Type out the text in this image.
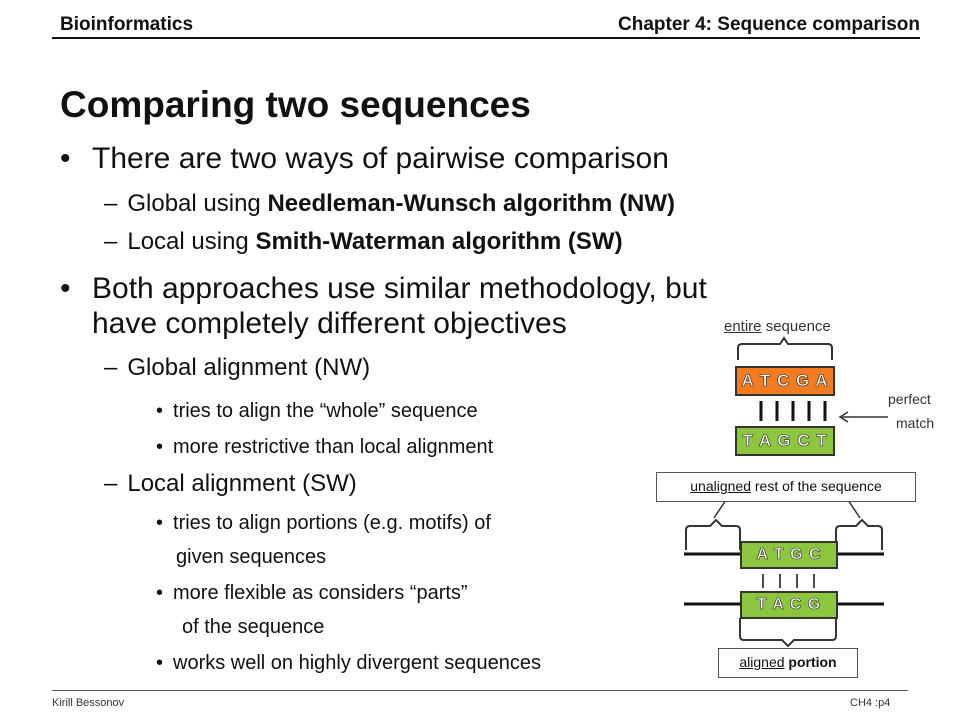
Bioinformatics	Chapter 4: Sequence comparison
Comparing two sequences
• There are two ways of pairwise comparison
– Global using Needleman-Wunsch algorithm (NW)
– Local using Smith-Waterman algorithm (SW)
• Both approaches use similar methodology, but
have completely different objectives
– Global alignment (NW)
• tries to align the “whole” sequence
• more restrictive than local alignment
– Local alignment (SW)
• tries to align portions (e.g. motifs) of
given sequences
• more flexible as considers “parts”
of the sequence
• works well on highly divergent sequences
entire sequence
A T C G A
T A G C T
perfect
match
unaligned rest of the sequence
A T G C
T A C G
aligned portion
Kirill Bessonov	CH4 :p4
